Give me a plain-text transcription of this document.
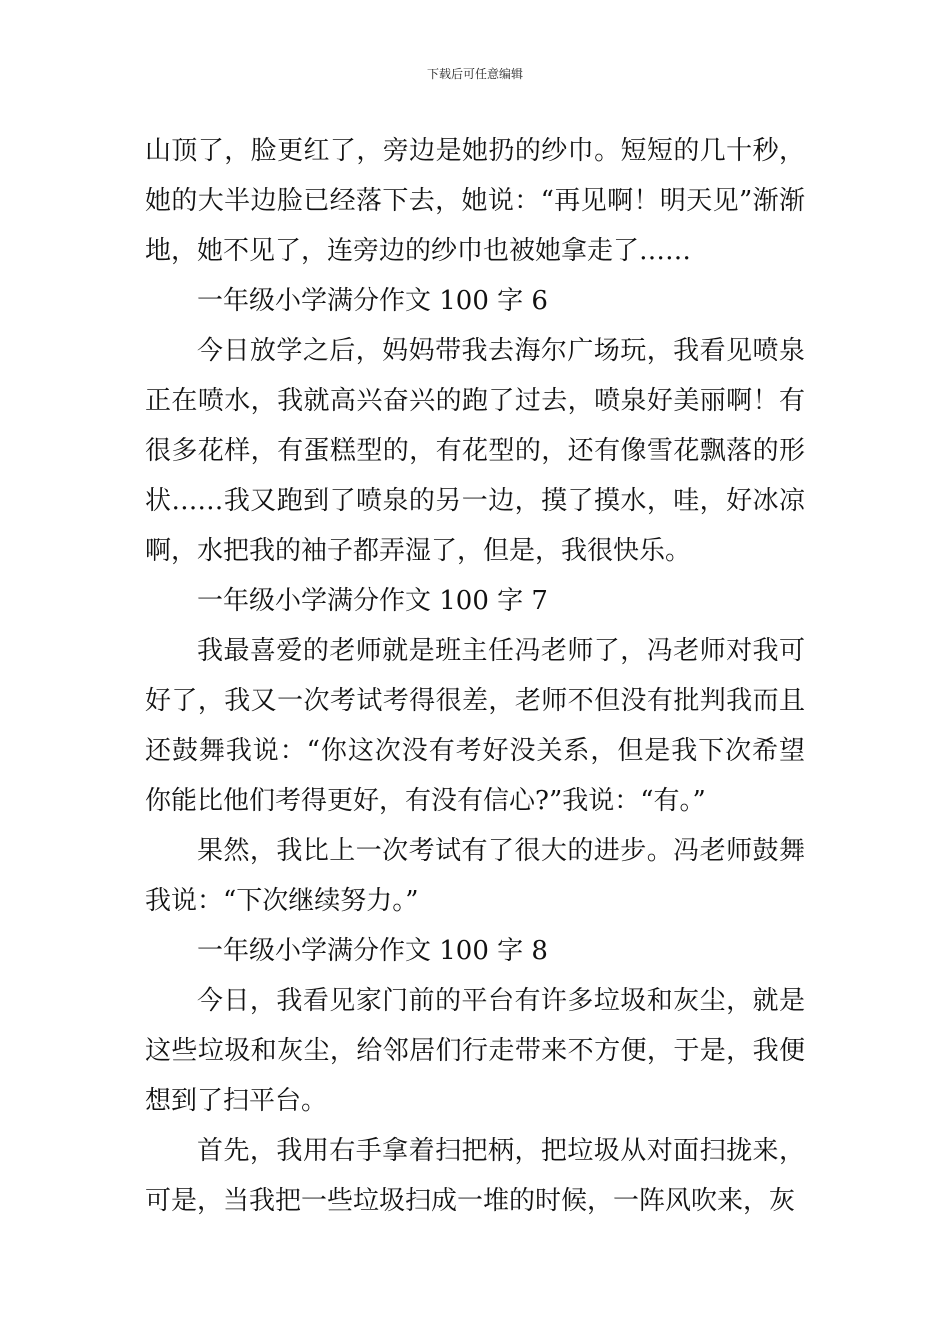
下载后可任意编辑

山顶了，脸更红了，旁边是她扔的纱巾。短短的几十秒，她的大半边脸已经落下去，她说：“再见啊！明天见”渐渐地，她不见了，连旁边的纱巾也被她拿走了……

一年级小学满分作文 100 字 6

今日放学之后，妈妈带我去海尔广场玩，我看见喷泉正在喷水，我就高兴奋兴的跑了过去，喷泉好美丽啊！有很多花样，有蛋糕型的，有花型的，还有像雪花飘落的形状……我又跑到了喷泉的另一边，摸了摸水，哇，好冰凉啊，水把我的袖子都弄湿了，但是，我很快乐。

一年级小学满分作文 100 字 7

我最喜爱的老师就是班主任冯老师了，冯老师对我可好了，我又一次考试考得很差，老师不但没有批判我而且还鼓舞我说：“你这次没有考好没关系，但是我下次希望你能比他们考得更好，有没有信心?”我说：“有。”

果然，我比上一次考试有了很大的进步。冯老师鼓舞我说：“下次继续努力。”

一年级小学满分作文 100 字 8

今日，我看见家门前的平台有许多垃圾和灰尘，就是这些垃圾和灰尘，给邻居们行走带来不方便，于是，我便想到了扫平台。

首先，我用右手拿着扫把柄，把垃圾从对面扫拢来，可是，当我把一些垃圾扫成一堆的时候，一阵风吹来，灰
